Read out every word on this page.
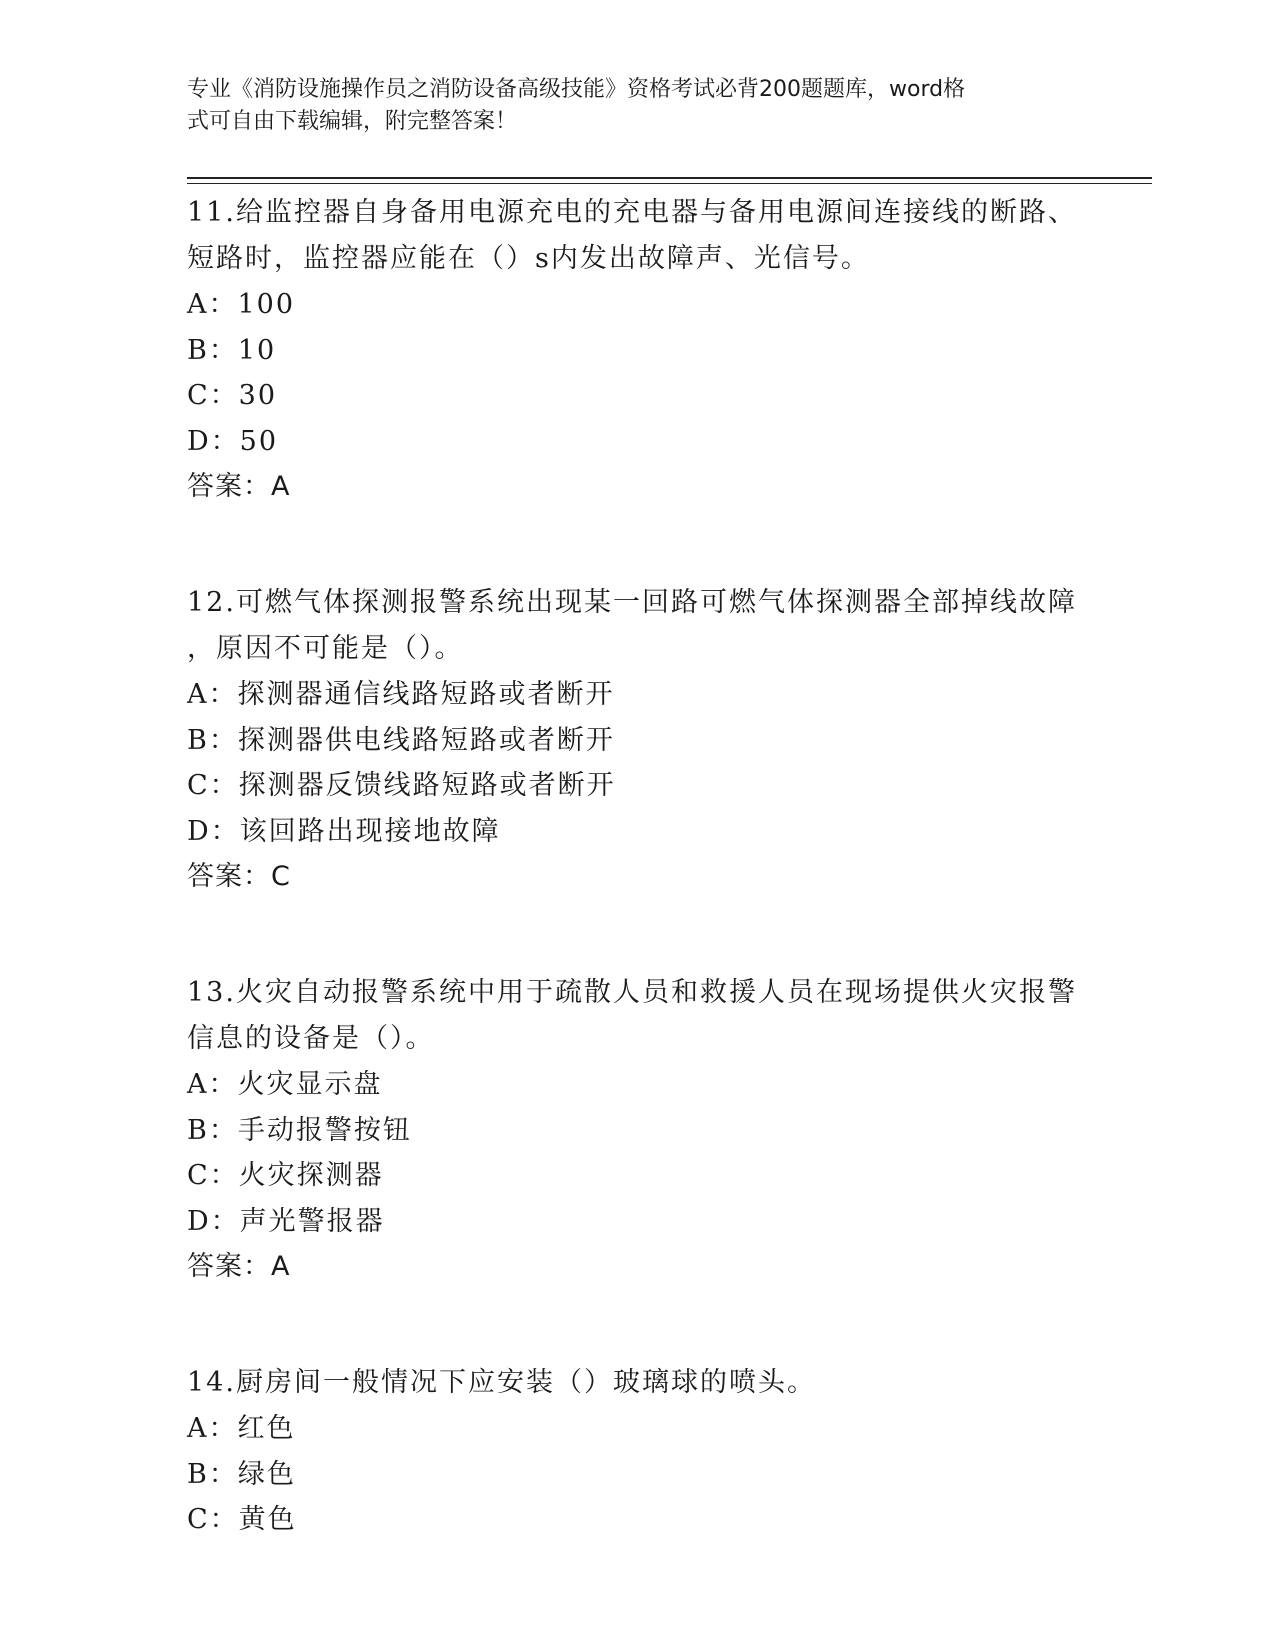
专业《消防设施操作员之消防设备高级技能》资格考试必背200题题库，word格
式可自由下载编辑，附完整答案！
11.给监控器自身备用电源充电的充电器与备用电源间连接线的断路、
短路时，监控器应能在（）s内发出故障声、光信号。
A：100
B：10
C：30
D：50
答案：A
12.可燃气体探测报警系统出现某一回路可燃气体探测器全部掉线故障
，原因不可能是（）。
A：探测器通信线路短路或者断开
B：探测器供电线路短路或者断开
C：探测器反馈线路短路或者断开
D：该回路出现接地故障
答案：C
13.火灾自动报警系统中用于疏散人员和救援人员在现场提供火灾报警
信息的设备是（）。
A：火灾显示盘
B：手动报警按钮
C：火灾探测器
D：声光警报器
答案：A
14.厨房间一般情况下应安装（）玻璃球的喷头。
A：红色
B：绿色
C：黄色
